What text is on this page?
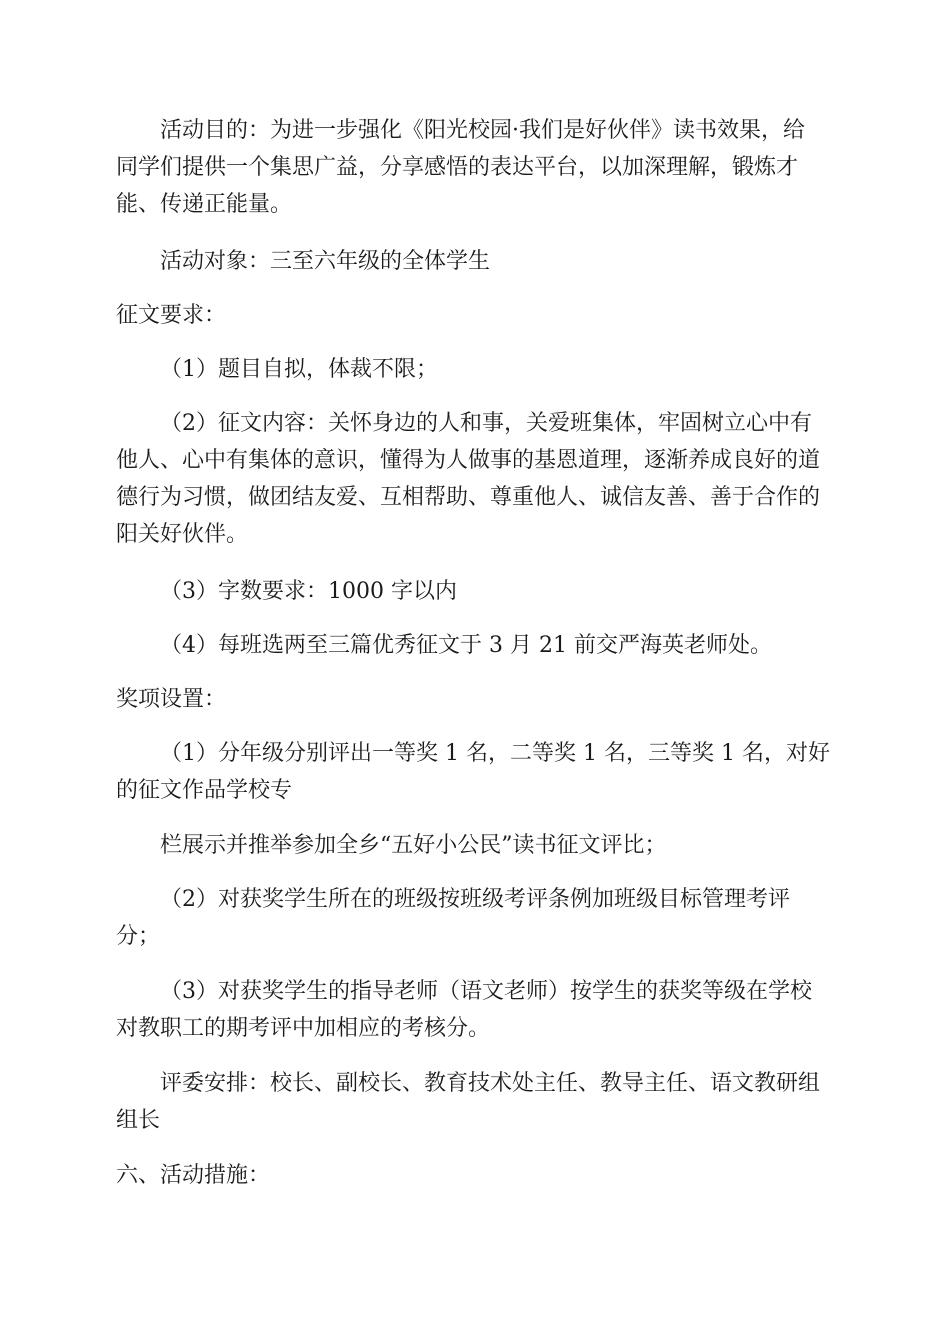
活动目的：为进一步强化《阳光校园·我们是好伙伴》读书效果，给
同学们提供一个集思广益，分享感悟的表达平台，以加深理解，锻炼才
能、传递正能量。
活动对象：三至六年级的全体学生
征文要求：
（1）题目自拟，体裁不限；
（2）征文内容：关怀身边的人和事，关爱班集体，牢固树立心中有
他人、心中有集体的意识，懂得为人做事的基恩道理，逐渐养成良好的道
德行为习惯，做团结友爱、互相帮助、尊重他人、诚信友善、善于合作的
阳关好伙伴。
（3）字数要求：1000 字以内
（4）每班选两至三篇优秀征文于 3 月 21 前交严海英老师处。
奖项设置：
（1）分年级分别评出一等奖 1 名，二等奖 1 名，三等奖 1 名，对好
的征文作品学校专
栏展示并推举参加全乡“五好小公民”读书征文评比；
（2）对获奖学生所在的班级按班级考评条例加班级目标管理考评
分；
（3）对获奖学生的指导老师（语文老师）按学生的获奖等级在学校
对教职工的期考评中加相应的考核分。
评委安排：校长、副校长、教育技术处主任、教导主任、语文教研组
组长
六、活动措施：
